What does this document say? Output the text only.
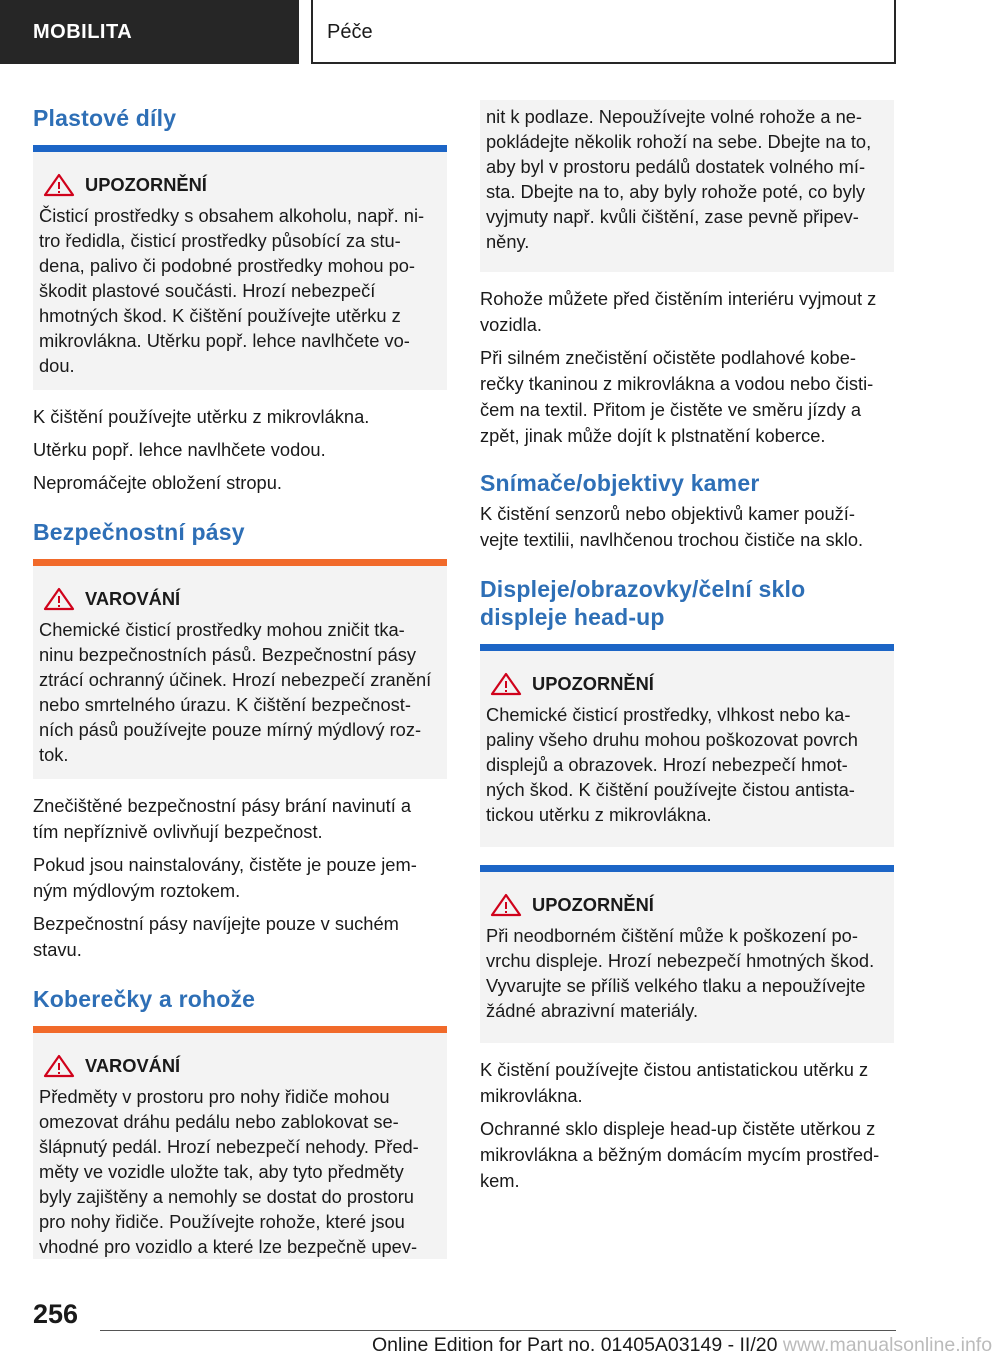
MOBILITA	Péče
Plastové díly
UPOZORNĚNÍ
Čisticí prostředky s obsahem alkoholu, např. ni-
tro ředidla, čisticí prostředky působící za stu-
dena, palivo či podobné prostředky mohou po-
škodit plastové součásti. Hrozí nebezpečí
hmotných škod. K čištění používejte utěrku z
mikrovlákna. Utěrku popř. lehce navlhčete vo-
dou.

K čištění používejte utěrku z mikrovlákna.

Utěrku popř. lehce navlhčete vodou.

Nepromáčejte obložení stropu.

Bezpečnostní pásy
VAROVÁNÍ
Chemické čisticí prostředky mohou zničit tka-
ninu bezpečnostních pásů. Bezpečnostní pásy
ztrácí ochranný účinek. Hrozí nebezpečí zranění
nebo smrtelného úrazu. K čištění bezpečnost-
ních pásů používejte pouze mírný mýdlový roz-
tok.

Znečištěné bezpečnostní pásy brání navinutí a
tím nepříznivě ovlivňují bezpečnost.

Pokud jsou nainstalovány, čistěte je pouze jem-
ným mýdlovým roztokem.

Bezpečnostní pásy navíjejte pouze v suchém
stavu.

Koberečky a rohože
VAROVÁNÍ
Předměty v prostoru pro nohy řidiče mohou
omezovat dráhu pedálu nebo zablokovat se-
šlápnutý pedál. Hrozí nebezpečí nehody. Před-
měty ve vozidle uložte tak, aby tyto předměty
byly zajištěny a nemohly se dostat do prostoru
pro nohy řidiče. Používejte rohože, které jsou
vhodné pro vozidlo a které lze bezpečně upev-
nit k podlaze. Nepoužívejte volné rohože a ne-
pokládejte několik rohoží na sebe. Dbejte na to,
aby byl v prostoru pedálů dostatek volného mí-
sta. Dbejte na to, aby byly rohože poté, co byly
vyjmuty např. kvůli čištění, zase pevně připev-
něny.

Rohože můžete před čistěním interiéru vyjmout z
vozidla.

Při silném znečistění očistěte podlahové kobe-
rečky tkaninou z mikrovlákna a vodou nebo čisti-
čem na textil. Přitom je čistěte ve směru jízdy a
zpět, jinak může dojít k plstnatění koberce.

Snímače/objektivy kamer

K čistění senzorů nebo objektivů kamer použí-
vejte textilii, navlhčenou trochou čističe na sklo.

Displeje/obrazovky/čelní sklo
displeje head-up
UPOZORNĚNÍ
Chemické čisticí prostředky, vlhkost nebo ka-
paliny všeho druhu mohou poškozovat povrch
displejů a obrazovek. Hrozí nebezpečí hmot-
ných škod. K čištění používejte čistou antista-
tickou utěrku z mikrovlákna.
UPOZORNĚNÍ
Při neodborném čištění může k poškození po-
vrchu displeje. Hrozí nebezpečí hmotných škod.
Vyvarujte se příliš velkého tlaku a nepoužívejte
žádné abrazivní materiály.

K čistění používejte čistou antistatickou utěrku z
mikrovlákna.

Ochranné sklo displeje head-up čistěte utěrkou z
mikrovlákna a běžným domácím mycím prostřed-
kem.

256
Online Edition for Part no. 01405A03149 - II/20 www.manualsonline.info
